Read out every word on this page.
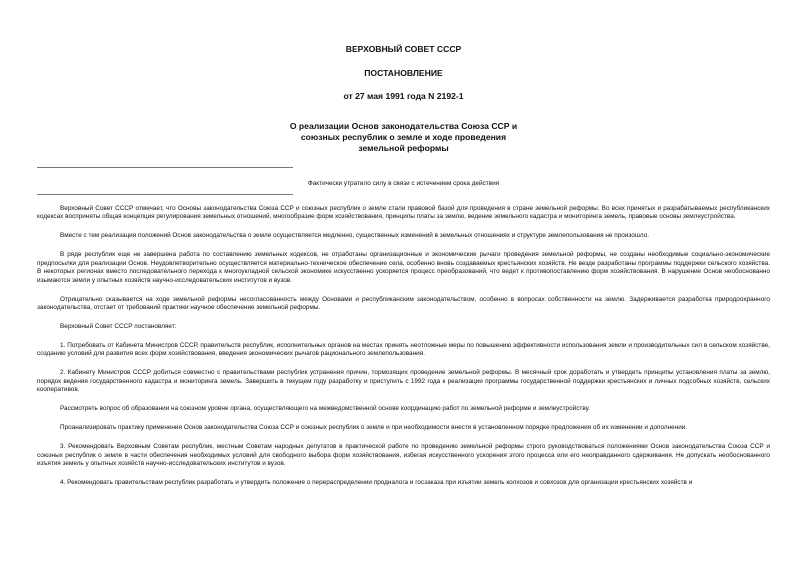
ВЕРХОВНЫЙ СОВЕТ СССР

ПОСТАНОВЛЕНИЕ

от 27 мая 1991 года N 2192-1

О реализации Основ законодательства Союза ССР и
союзных республик о земле и ходе проведения
земельной реформы
Фактически утратило силу в связи с истечением срока действия

Верховный Совет СССР отмечает, что Основы законодательства Союза ССР и союзных республик о земле стали правовой базой для проведения в стране земельной реформы. Во всех принятых и разрабатываемых республиканских кодексах восприняты общая концепция регулирования земельных отношений, многообразие форм хозяйствования, принципы платы за землю, ведение земельного кадастра и мониторинга земель, правовые основы землеустройства.

Вместе с тем реализация положений Основ законодательства о земле осуществляется медленно, существенных изменений в земельных отношениях и структуре землепользования не произошло.

В ряде республик еще не завершена работа по составлению земельных кодексов, не отработаны организационные и экономические рычаги проведения земельной реформы, не созданы необходимые социально-экономические предпосылки для реализации Основ. Неудовлетворительно осуществляется материально-техническое обеспечение села, особенно вновь создаваемых крестьянских хозяйств. Не везде разработаны программы поддержки сельского хозяйства. В некоторых регионах вместо последовательного перехода к многоукладной сельской экономике искусственно ускоряется процесс преобразований, что ведет к противопоставлению форм хозяйствования. В нарушение Основ необоснованно изымаются земли у опытных хозяйств научно-исследовательских институтов и вузов.

Отрицательно сказывается на ходе земельной реформы несогласованность между Основами и республиканским законодательством, особенно в вопросах собственности на землю. Задерживается разработка природоохранного законодательства, отстает от требований практики научное обеспечение земельной реформы.

Верховный Совет СССР постановляет:

1. Потребовать от Кабинета Министров СССР, правительств республик, исполнительных органов на местах принять неотложные меры по повышению эффективности использования земли и производительных сил в сельском хозяйстве, созданию условий для развития всех форм хозяйствования, введения экономических рычагов рационального землепользования.

2. Кабинету Министров СССР добиться совместно с правительствами республик устранения причин, тормозящих проведение земельной реформы. В месячный срок доработать и утвердить принципы установления платы за землю, порядок ведения государственного кадастра и мониторинга земель. Завершить в текущем году разработку и приступить с 1992 года к реализации программы государственной поддержки крестьянских и личных подсобных хозяйств, сельских кооперативов.

Рассмотреть вопрос об образовании на союзном уровне органа, осуществляющего на межведомственной основе координацию работ по земельной реформе и землеустройству.

Проанализировать практику применения Основ законодательства Союза ССР и союзных республик о земле и при необходимости внести в установленном порядке предложения об их изменении и дополнении.

3. Рекомендовать Верховным Советам республик, местным Советам народных депутатов в практической работе по проведению земельной реформы строго руководствоваться положениями Основ законодательства Союза ССР и союзных республик о земле в части обеспечения необходимых условий для свободного выбора форм хозяйствования, избегая искусственного ускорения этого процесса или его неоправданного сдерживания. Не допускать необоснованного изъятия земель у опытных хозяйств научно-исследовательских институтов и вузов.

4. Рекомендовать правительствам республик разработать и утвердить положение о перераспределении продналога и госзаказа при изъятии земель колхозов и совхозов для организации крестьянских хозяйств и
